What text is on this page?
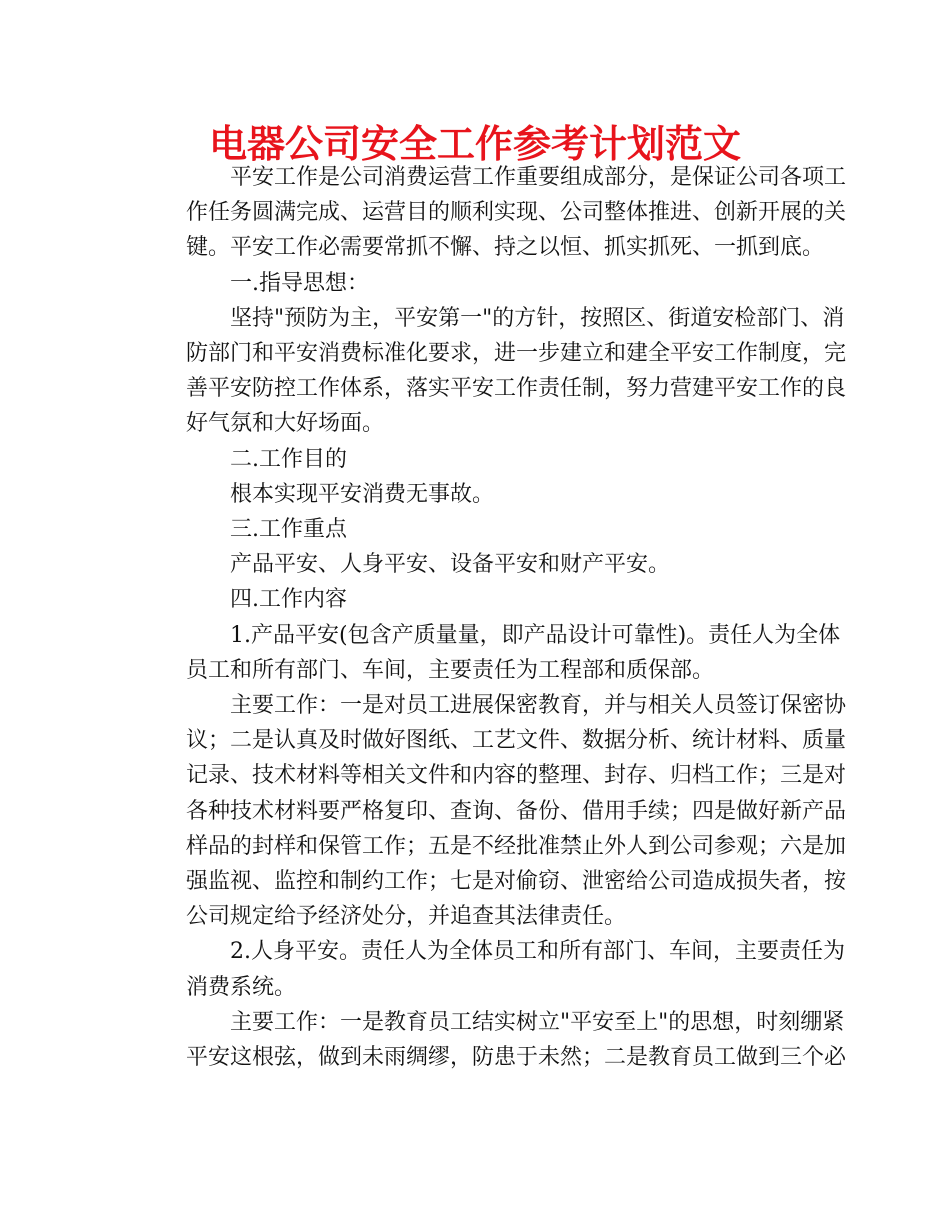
电器公司安全工作参考计划范文

平安工作是公司消费运营工作重要组成部分，是保证公司各项工
作任务圆满完成、运营目的顺利实现、公司整体推进、创新开展的关
键。平安工作必需要常抓不懈、持之以恒、抓实抓死、一抓到底。

一.指导思想：

坚持"预防为主，平安第一"的方针，按照区、街道安检部门、消
防部门和平安消费标准化要求，进一步建立和建全平安工作制度，完
善平安防控工作体系，落实平安工作责任制，努力营建平安工作的良
好气氛和大好场面。

二.工作目的

根本实现平安消费无事故。

三.工作重点

产品平安、人身平安、设备平安和财产平安。

四.工作内容

1.产品平安(包含产质量量，即产品设计可靠性)。责任人为全体
员工和所有部门、车间，主要责任为工程部和质保部。

主要工作：一是对员工进展保密教育，并与相关人员签订保密协
议；二是认真及时做好图纸、工艺文件、数据分析、统计材料、质量
记录、技术材料等相关文件和内容的整理、封存、归档工作；三是对
各种技术材料要严格复印、查询、备份、借用手续；四是做好新产品
样品的封样和保管工作；五是不经批准禁止外人到公司参观；六是加
强监视、监控和制约工作；七是对偷窃、泄密给公司造成损失者，按
公司规定给予经济处分，并追查其法律责任。

2.人身平安。责任人为全体员工和所有部门、车间，主要责任为
消费系统。

主要工作：一是教育员工结实树立"平安至上"的思想，时刻绷紧
平安这根弦，做到未雨绸缪，防患于未然；二是教育员工做到三个必
